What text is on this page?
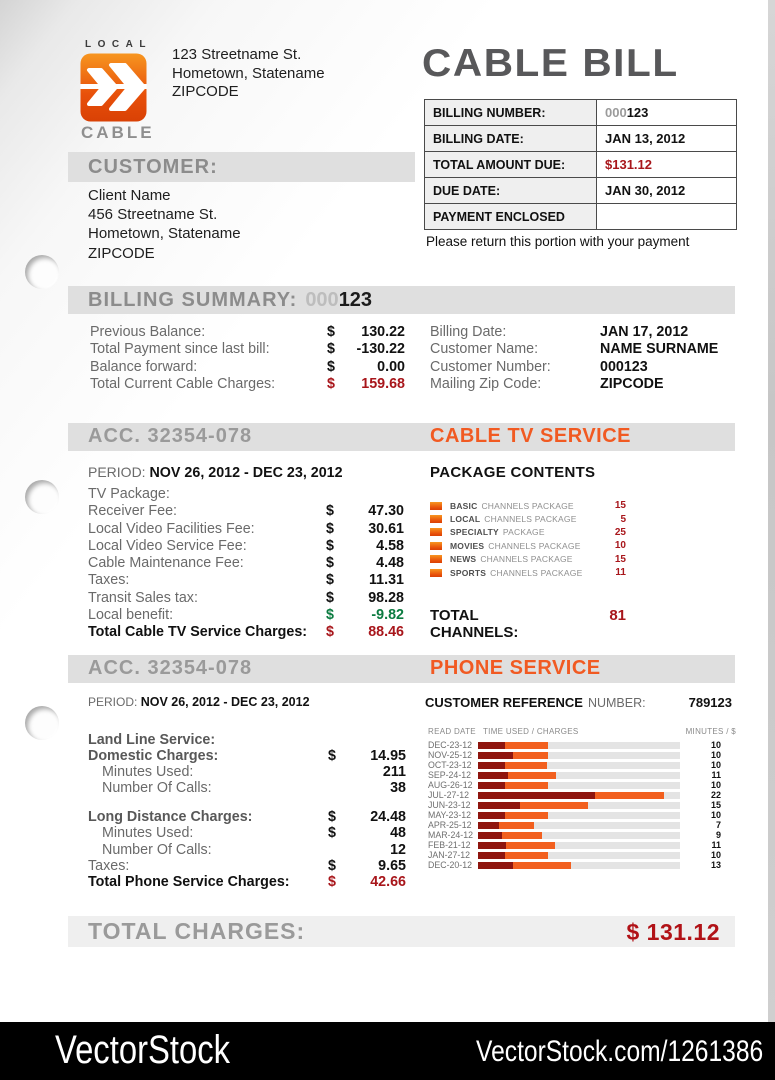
LOCAL
CABLE
123 Streetname St.
Hometown, Statename
ZIPCODE
CABLE BILL
BILLING NUMBER:	000 123
BILLING DATE:	JAN 13, 2012
TOTAL AMOUNT DUE:	$131.12
DUE DATE:	JAN 30, 2012
PAYMENT ENCLOSED
Please return this portion with your payment
CUSTOMER:
Client Name
456 Streetname St.
Hometown, Statename
ZIPCODE
BILLING SUMMARY: 000 123
Previous Balance:	$	130.22
Total Payment since last bill:	$	-130.22
Balance forward:	$	0.00
Total Current Cable Charges:	$	159.68
Billing Date:	JAN 17, 2012
Customer Name:	NAME SURNAME
Customer Number:	000123
Mailing Zip Code:	ZIPCODE
ACC. 32354-078	CABLE TV SERVICE
PERIOD: NOV 26, 2012 - DEC 23, 2012
TV Package:
Receiver Fee:	$	47.30
Local Video Facilities Fee:	$	30.61
Local Video Service Fee:	$	4.58
Cable Maintenance Fee:	$	4.48
Taxes:	$	11.31
Transit Sales tax:	$	98.28
Local benefit:	$	-9.82
Total Cable TV Service Charges:	$	88.46
PACKAGE CONTENTS
BASIC CHANNELS PACKAGE	15
LOCAL CHANNELS PACKAGE	5
SPECIALTY PACKAGE	25
MOVIES CHANNELS PACKAGE	10
NEWS CHANNELS PACKAGE	15
SPORTS CHANNELS PACKAGE	11
TOTAL CHANNELS:
81
ACC. 32354-078	PHONE SERVICE
PERIOD: NOV 26, 2012 - DEC 23, 2012	CUSTOMER REFERENCE NUMBER:	789123
Land Line Service:
Domestic Charges:	$	14.95
Minutes Used:	211
Number Of Calls:	38
Long Distance Charges:	$	24.48
Minutes Used:	$	48
Number Of Calls:	12
Taxes:	$	9.65
Total Phone Service Charges:	$	42.66
READ DATE TIME USED / CHARGES	MINUTES / $
DEC-23-12	10
NOV-25-12	10
OCT-23-12	10
SEP-24-12	11
AUG-26-12	10
JUL-27-12	22
JUN-23-12	15
MAY-23-12	10
APR-25-12	7
MAR-24-12	9
FEB-21-12	11
JAN-27-12	10
DEC-20-12	13
TOTAL CHARGES:	$ 131.12
VectorStock	VectorStock.com/1261386
